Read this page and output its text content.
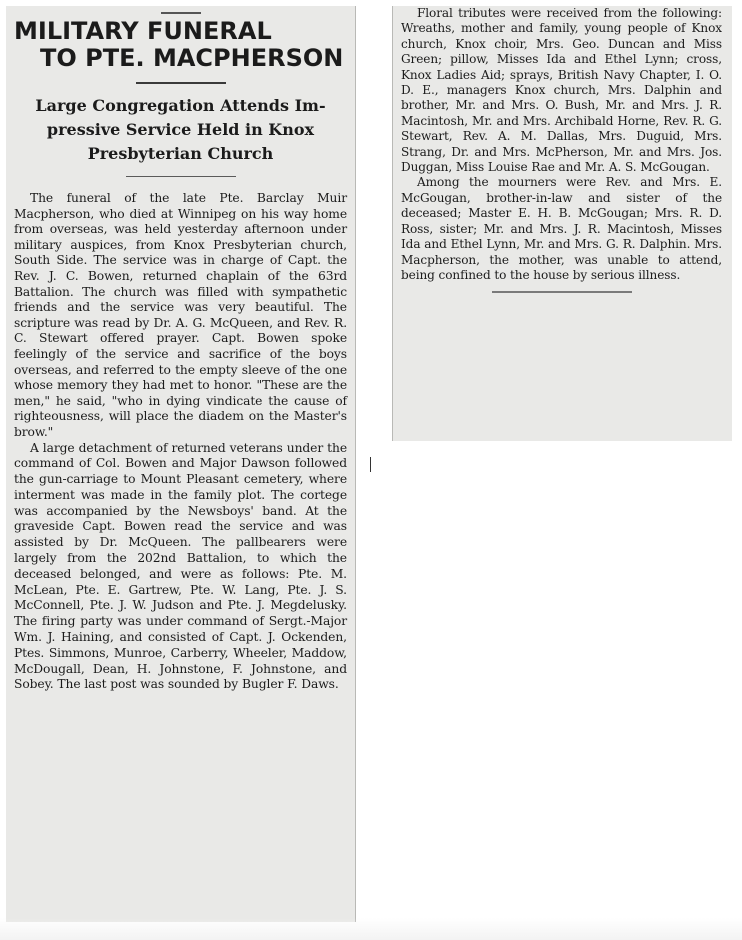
MILITARY FUNERAL
TO PTE. MACPHERSON
Large Congregation Attends Im-
pressive Service Held in Knox
Presbyterian Church

The funeral of the late Pte. Barclay Muir Macpherson, who died at Winnipeg on his way home from overseas, was held yesterday afternoon under military auspices, from Knox Presbyterian church, South Side. The service was in charge of Capt. the Rev. J. C. Bowen, returned chaplain of the 63rd Battalion. The church was filled with sympathetic friends and the service was very beautiful. The scripture was read by Dr. A. G. McQueen, and Rev. R. C. Stewart offered prayer. Capt. Bowen spoke feelingly of the service and sacrifice of the boys overseas, and referred to the empty sleeve of the one whose memory they had met to honor. "These are the men," he said, "who in dying vindicate the cause of righteousness, will place the diadem on the Master's brow."

A large detachment of returned veterans under the command of Col. Bowen and Major Dawson followed the gun-carriage to Mount Pleasant cemetery, where interment was made in the family plot. The cortege was accompanied by the Newsboys' band. At the graveside Capt. Bowen read the service and was assisted by Dr. McQueen. The pallbearers were largely from the 202nd Battalion, to which the deceased belonged, and were as follows: Pte. M. McLean, Pte. E. Gartrew, Pte. W. Lang, Pte. J. S. McConnell, Pte. J. W. Judson and Pte. J. Megdelusky. The firing party was under command of Sergt.-Major Wm. J. Haining, and consisted of Capt. J. Ockenden, Ptes. Simmons, Munroe, Carberry, Wheeler, Maddow, McDougall, Dean, H. Johnstone, F. Johnstone, and Sobey. The last post was sounded by Bugler F. Daws.

Floral tributes were received from the following: Wreaths, mother and family, young people of Knox church, Knox choir, Mrs. Geo. Duncan and Miss Green; pillow, Misses Ida and Ethel Lynn; cross, Knox Ladies Aid; sprays, British Navy Chapter, I. O. D. E., managers Knox church, Mrs. Dalphin and brother, Mr. and Mrs. O. Bush, Mr. and Mrs. J. R. Macintosh, Mr. and Mrs. Archibald Horne, Rev. R. G. Stewart, Rev. A. M. Dallas, Mrs. Duguid, Mrs. Strang, Dr. and Mrs. McPherson, Mr. and Mrs. Jos. Duggan, Miss Louise Rae and Mr. A. S. McGougan.

Among the mourners were Rev. and Mrs. E. McGougan, brother-in-law and sister of the deceased; Master E. H. B. McGougan; Mrs. R. D. Ross, sister; Mr. and Mrs. J. R. Macintosh, Misses Ida and Ethel Lynn, Mr. and Mrs. G. R. Dalphin. Mrs. Macpherson, the mother, was unable to attend, being confined to the house by serious illness.
